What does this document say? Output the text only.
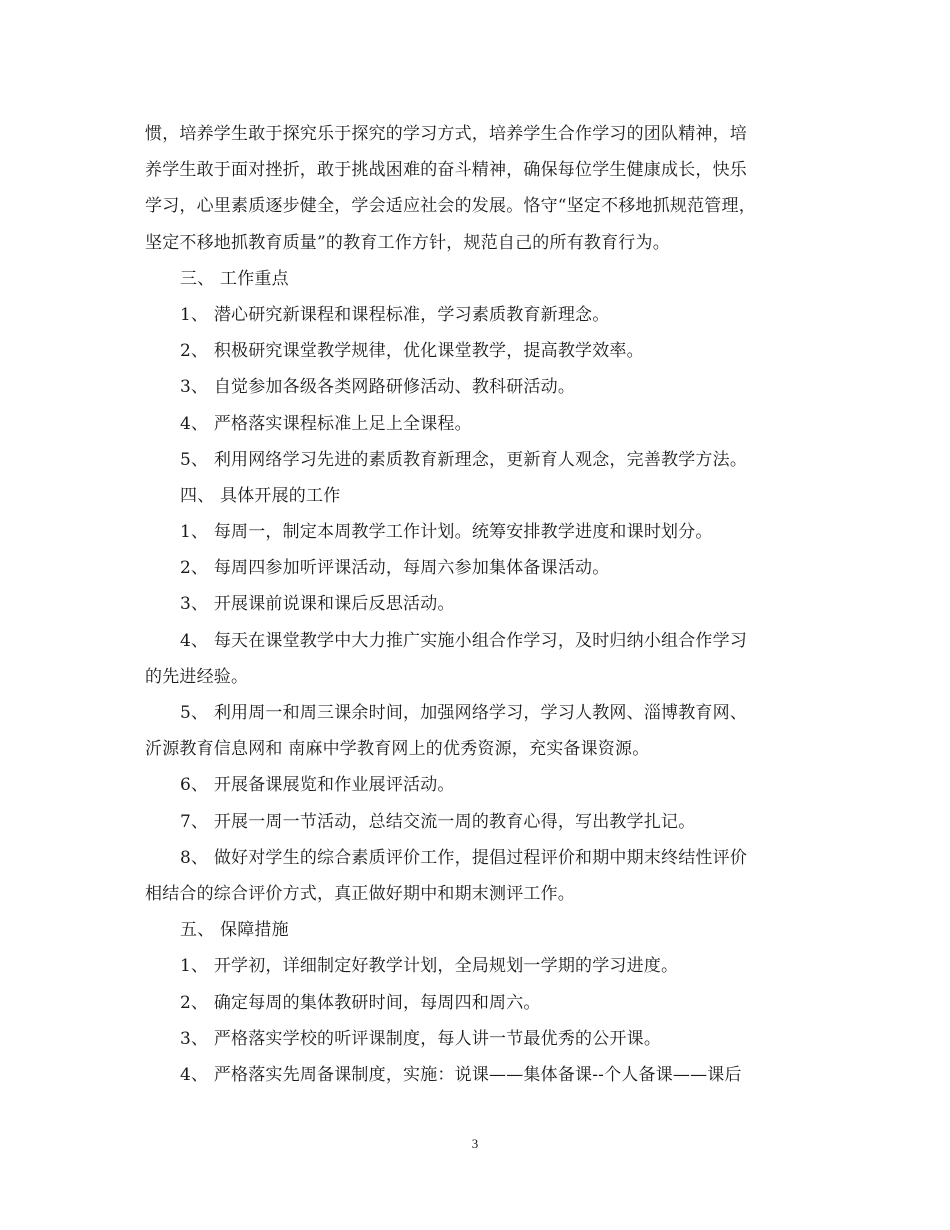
惯，培养学生敢于探究乐于探究的学习方式，培养学生合作学习的团队精神，培
养学生敢于面对挫折，敢于挑战困难的奋斗精神，确保每位学生健康成长，快乐
学习，心里素质逐步健全，学会适应社会的发展。恪守“坚定不移地抓规范管理，
坚定不移地抓教育质量”的教育工作方针，规范自己的所有教育行为。
三、 工作重点
1、 潜心研究新课程和课程标准，学习素质教育新理念。
2、 积极研究课堂教学规律，优化课堂教学，提高教学效率。
3、 自觉参加各级各类网路研修活动、教科研活动。
4、 严格落实课程标准上足上全课程。
5、 利用网络学习先进的素质教育新理念，更新育人观念，完善教学方法。
四、 具体开展的工作
1、 每周一，制定本周教学工作计划。统筹安排教学进度和课时划分。
2、 每周四参加听评课活动，每周六参加集体备课活动。
3、 开展课前说课和课后反思活动。
4、 每天在课堂教学中大力推广实施小组合作学习，及时归纳小组合作学习
的先进经验。
5、 利用周一和周三课余时间，加强网络学习，学习人教网、淄博教育网、
沂源教育信息网和 南麻中学教育网上的优秀资源，充实备课资源。
6、 开展备课展览和作业展评活动。
7、 开展一周一节活动，总结交流一周的教育心得，写出教学扎记。
8、 做好对学生的综合素质评价工作，提倡过程评价和期中期末终结性评价
相结合的综合评价方式，真正做好期中和期末测评工作。
五、 保障措施
1、 开学初，详细制定好教学计划，全局规划一学期的学习进度。
2、 确定每周的集体教研时间，每周四和周六。
3、 严格落实学校的听评课制度，每人讲一节最优秀的公开课。
4、 严格落实先周备课制度，实施：说课——集体备课--个人备课——课后
3
